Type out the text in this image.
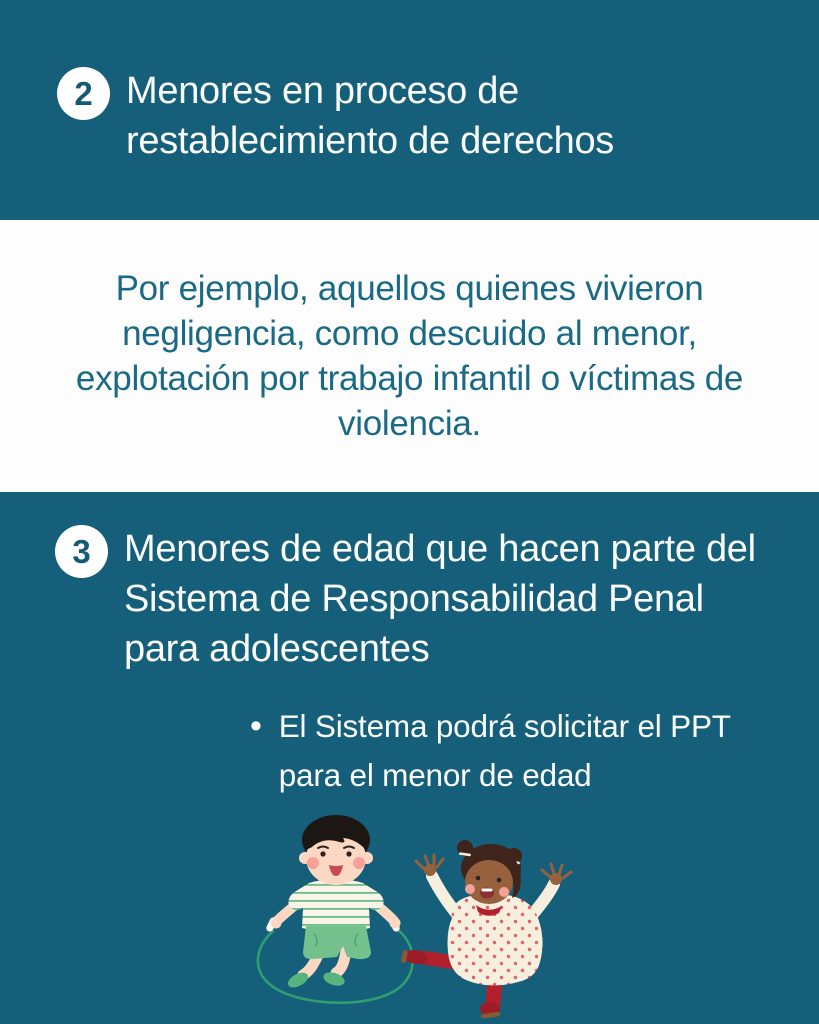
2 Menores en proceso de restablecimiento de derechos

Por ejemplo, aquellos quienes vivieron negligencia, como descuido al menor, explotación por trabajo infantil o víctimas de violencia.

3 Menores de edad que hacen parte del Sistema de Responsabilidad Penal para adolescentes
• El Sistema podrá solicitar el PPT para el menor de edad
